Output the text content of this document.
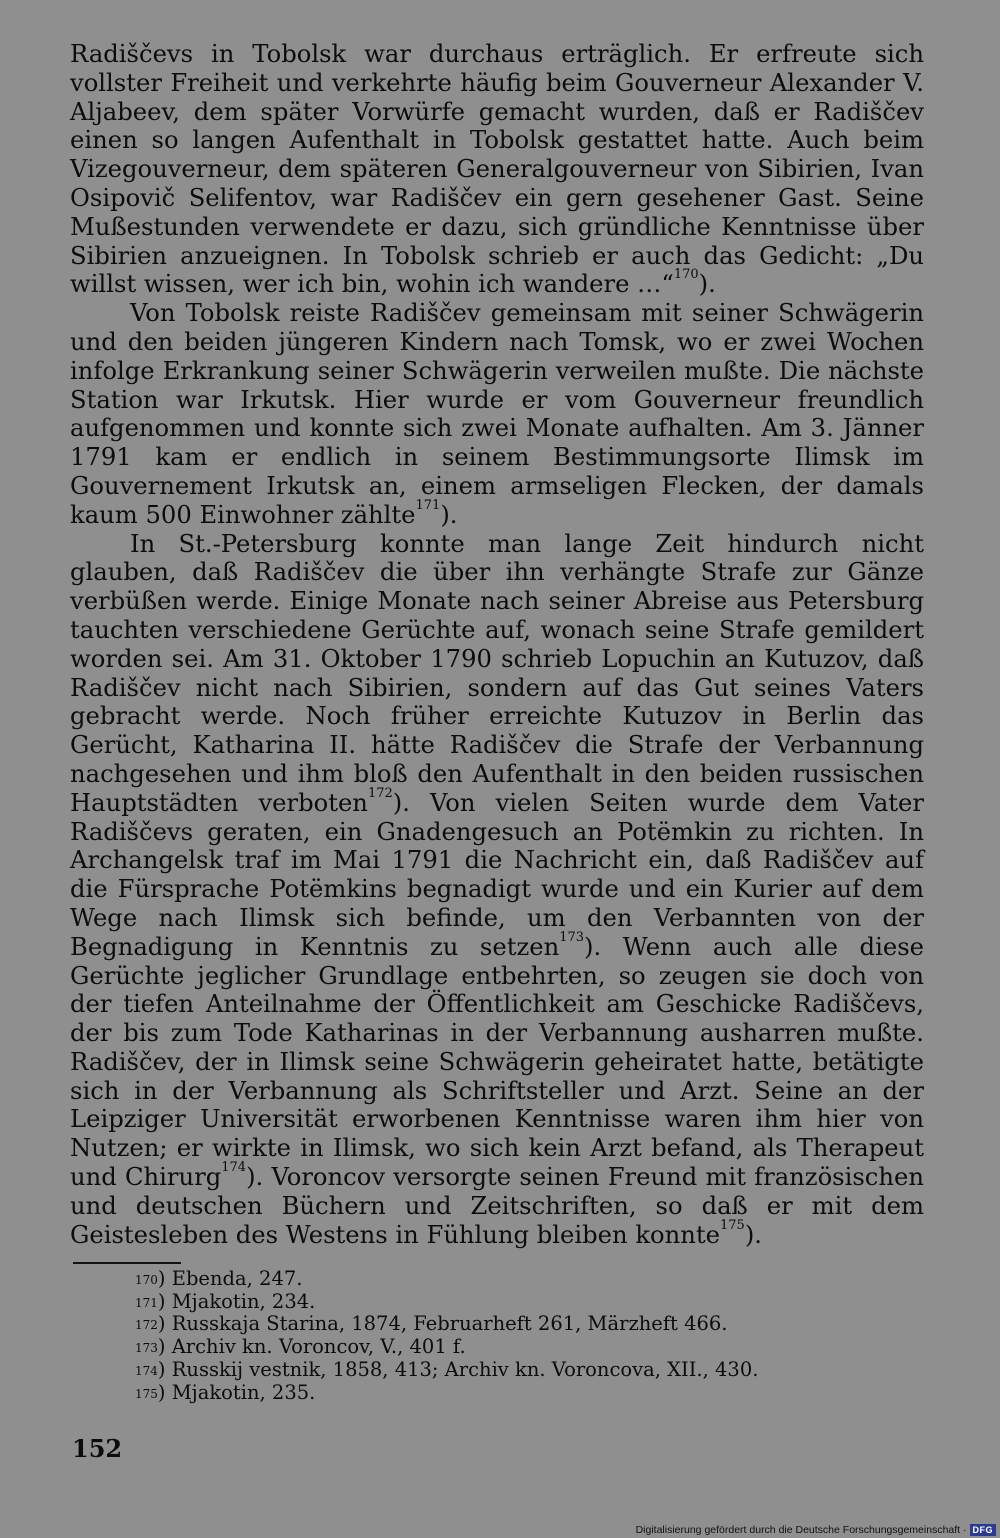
Radiščevs in Tobolsk war durchaus erträglich. Er erfreute sich vollster Freiheit und verkehrte häufig beim Gouverneur Alexander V. Aljabeev, dem später Vorwürfe gemacht wurden, daß er Radiščev einen so langen Aufenthalt in Tobolsk gestattet hatte. Auch beim Vizegouverneur, dem späteren Generalgouverneur von Sibirien, Ivan Osipovič Selifentov, war Radiščev ein gern gesehener Gast. Seine Mußestunden verwendete er dazu, sich gründliche Kenntnisse über Sibirien anzueignen. In Tobolsk schrieb er auch das Gedicht: „Du willst wissen, wer ich bin, wohin ich wandere …“$^{170}$).

Von Tobolsk reiste Radiščev gemeinsam mit seiner Schwägerin und den beiden jüngeren Kindern nach Tomsk, wo er zwei Wochen infolge Erkrankung seiner Schwägerin verweilen mußte. Die nächste Station war Irkutsk. Hier wurde er vom Gouverneur freundlich aufgenommen und konnte sich zwei Monate aufhalten. Am 3. Jänner 1791 kam er endlich in seinem Bestimmungsorte Ilimsk im Gouvernement Irkutsk an, einem armseligen Flecken, der damals kaum 500 Einwohner zählte$^{171}$).

In St.-Petersburg konnte man lange Zeit hindurch nicht glauben, daß Radiščev die über ihn verhängte Strafe zur Gänze verbüßen werde. Einige Monate nach seiner Abreise aus Petersburg tauchten verschiedene Gerüchte auf, wonach seine Strafe gemildert worden sei. Am 31. Oktober 1790 schrieb Lopuchin an Kutuzov, daß Radiščev nicht nach Sibirien, sondern auf das Gut seines Vaters gebracht werde. Noch früher erreichte Kutuzov in Berlin das Gerücht, Katharina II. hätte Radiščev die Strafe der Verbannung nachgesehen und ihm bloß den Aufenthalt in den beiden russischen Hauptstädten verboten$^{172}$). Von vielen Seiten wurde dem Vater Radiščevs geraten, ein Gnadengesuch an Potëmkin zu richten. In Archangelsk traf im Mai 1791 die Nachricht ein, daß Radiščev auf die Fürsprache Potëmkins begnadigt wurde und ein Kurier auf dem Wege nach Ilimsk sich befinde, um den Verbannten von der Begnadigung in Kenntnis zu setzen$^{173}$). Wenn auch alle diese Gerüchte jeglicher Grundlage entbehrten, so zeugen sie doch von der tiefen Anteilnahme der Öffentlichkeit am Geschicke Radiščevs, der bis zum Tode Katharinas in der Verbannung ausharren mußte. Radiščev, der in Ilimsk seine Schwägerin geheiratet hatte, betätigte sich in der Verbannung als Schriftsteller und Arzt. Seine an der Leipziger Universität erworbenen Kenntnisse waren ihm hier von Nutzen; er wirkte in Ilimsk, wo sich kein Arzt befand, als Therapeut und Chirurg$^{174}$). Voroncov versorgte seinen Freund mit französischen und deutschen Büchern und Zeitschriften, so daß er mit dem Geistesleben des Westens in Fühlung bleiben konnte$^{175}$).

$^{170}$) Ebenda, 247.
$^{171}$) Mjakotin, 234.
$^{172}$) Russkaja Starina, 1874, Februarheft 261, Märzheft 466.
$^{173}$) Archiv kn. Voroncov, V., 401 f.
$^{174}$) Russkij vestnik, 1858, 413; Archiv kn. Voroncova, XII., 430.
$^{175}$) Mjakotin, 235.
152
Digitalisierung gefördert durch die Deutsche Forschungsgemeinschaft · DFG
